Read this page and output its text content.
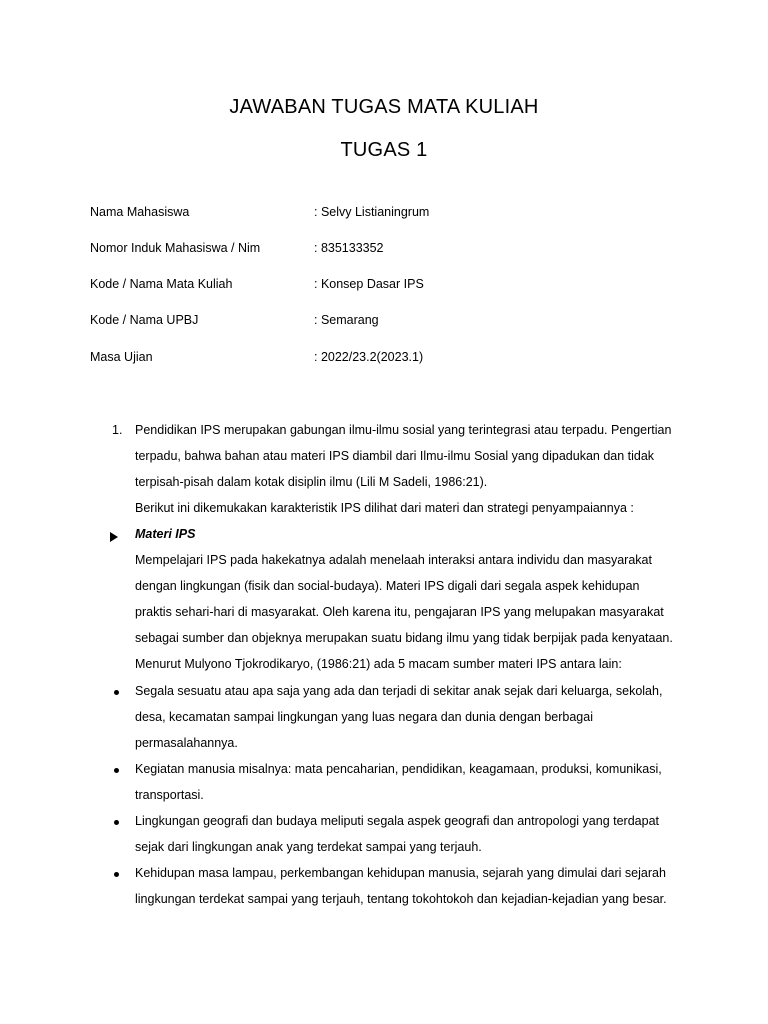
JAWABAN TUGAS MATA KULIAH
TUGAS 1
Nama Mahasiswa	: Selvy Listianingrum
Nomor Induk Mahasiswa / Nim	: 835133352
Kode / Nama Mata Kuliah	: Konsep Dasar IPS
Kode / Nama UPBJ	: Semarang
Masa Ujian	: 2022/23.2(2023.1)
1. Pendidikan IPS merupakan gabungan ilmu-ilmu sosial yang terintegrasi atau terpadu. Pengertian
terpadu, bahwa bahan atau materi IPS diambil dari Ilmu-ilmu Sosial yang dipadukan dan tidak
terpisah-pisah dalam kotak disiplin ilmu (Lili M Sadeli, 1986:21).
Berikut ini dikemukakan karakteristik IPS dilihat dari materi dan strategi penyampaiannya :
Materi IPS
Mempelajari IPS pada hakekatnya adalah menelaah interaksi antara individu dan masyarakat
dengan lingkungan (fisik dan social-budaya). Materi IPS digali dari segala aspek kehidupan
praktis sehari-hari di masyarakat. Oleh karena itu, pengajaran IPS yang melupakan masyarakat
sebagai sumber dan objeknya merupakan suatu bidang ilmu yang tidak berpijak pada kenyataan.
Menurut Mulyono Tjokrodikaryo, (1986:21) ada 5 macam sumber materi IPS antara lain:
Segala sesuatu atau apa saja yang ada dan terjadi di sekitar anak sejak dari keluarga, sekolah,
desa, kecamatan sampai lingkungan yang luas negara dan dunia dengan berbagai
permasalahannya.
Kegiatan manusia misalnya: mata pencaharian, pendidikan, keagamaan, produksi, komunikasi,
transportasi.
Lingkungan geografi dan budaya meliputi segala aspek geografi dan antropologi yang terdapat
sejak dari lingkungan anak yang terdekat sampai yang terjauh.
Kehidupan masa lampau, perkembangan kehidupan manusia, sejarah yang dimulai dari sejarah
lingkungan terdekat sampai yang terjauh, tentang tokohtokoh dan kejadian-kejadian yang besar.
